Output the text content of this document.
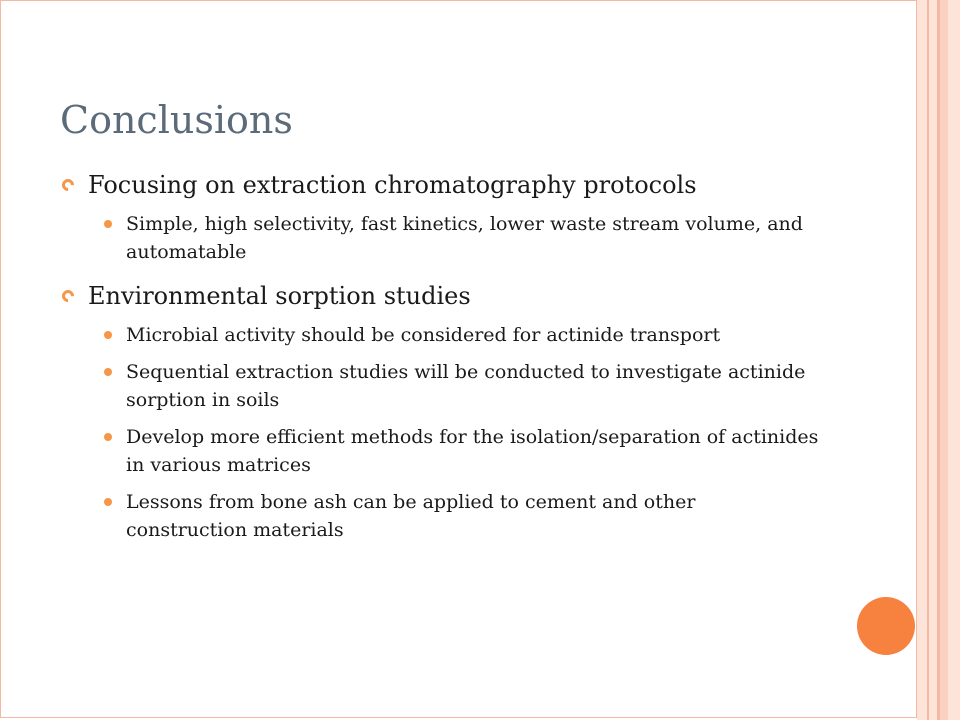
Conclusions
Focusing on extraction chromatography protocols
Simple, high selectivity, fast kinetics, lower waste stream volume, and automatable
Environmental sorption studies
Microbial activity should be considered for actinide transport
Sequential extraction studies will be conducted to investigate actinide sorption in soils
Develop more efficient methods for the isolation/separation of actinides in various matrices
Lessons from bone ash can be applied to cement and other construction materials
